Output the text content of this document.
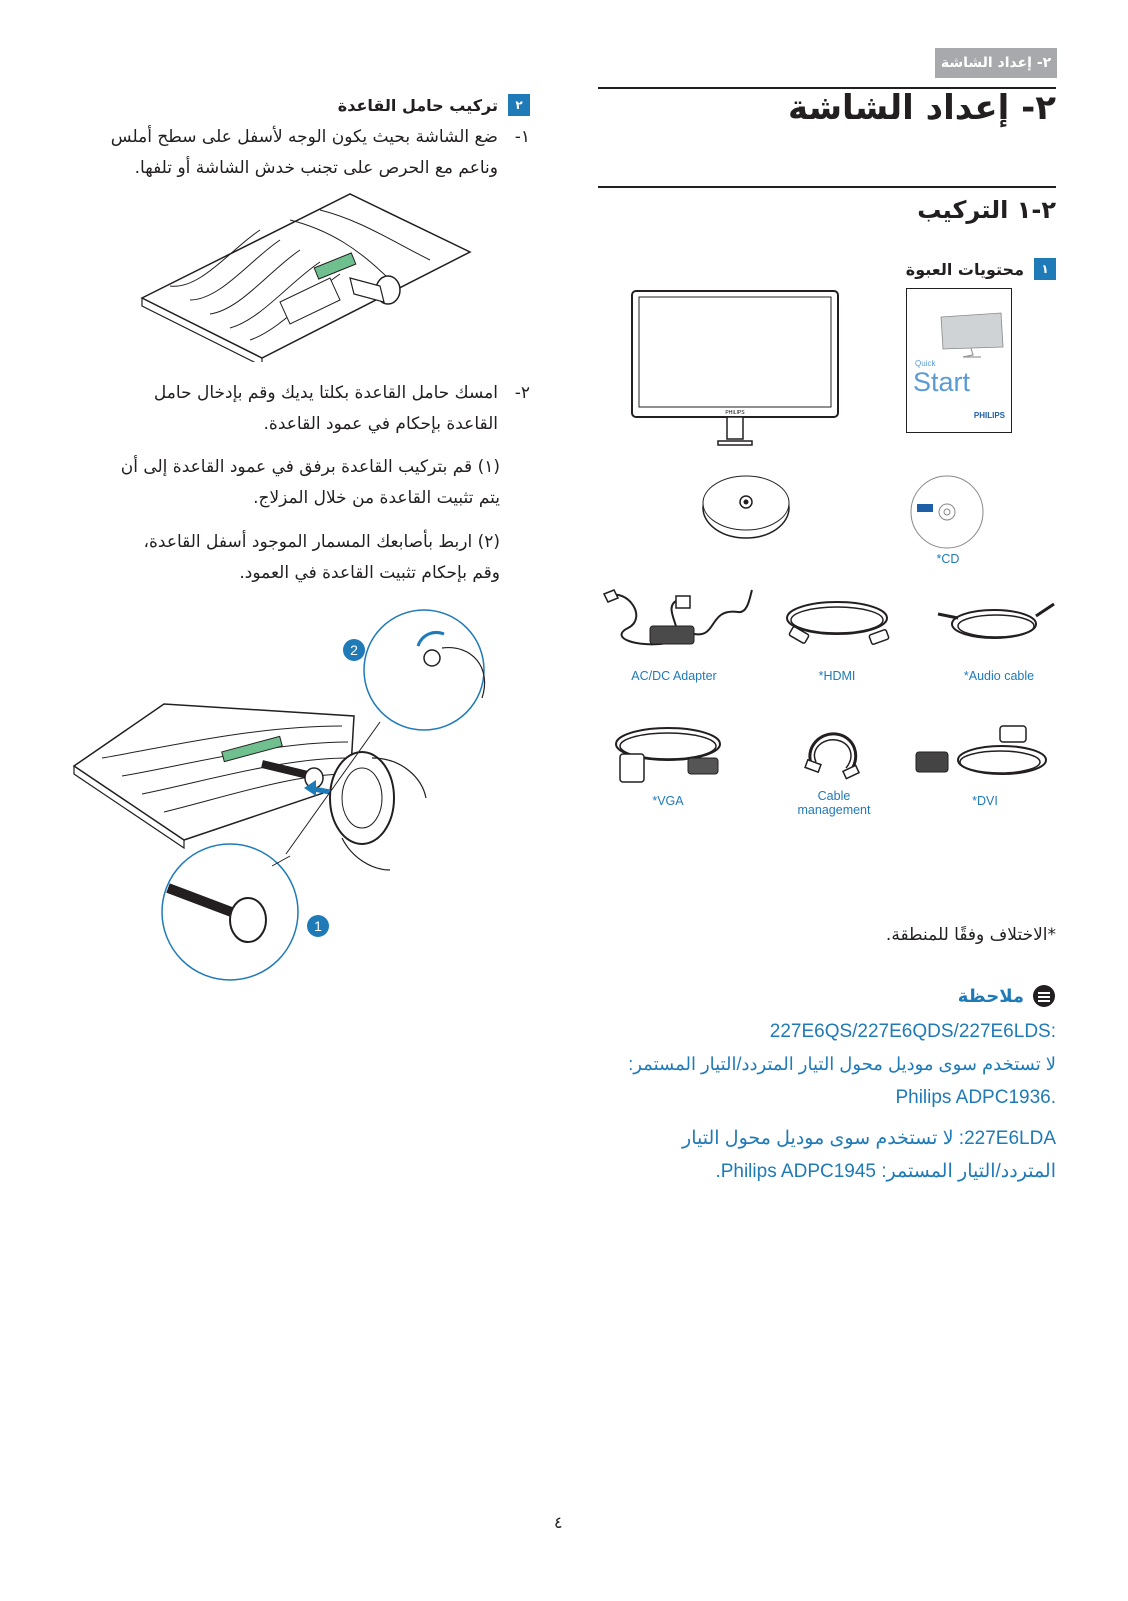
٢- إعداد الشاشة
٢- إعداد الشاشة
٢-١ التركيب
١
محتويات العبوة
PHILIPS
Quick
Start
PHILIPS
*CD
AC/DC Adapter	*HDMI	*Audio cable
*VGA	Cable management
*DVI
*الاختلاف وفقًا للمنطقة.
ملاحظة
:227E6QS/227E6QDS/227E6LDS
لا تستخدم سوى موديل محول التيار المتردد/التيار المستمر:
.Philips ADPC1936
227E6LDA: لا تستخدم سوى موديل محول التيار
المتردد/التيار المستمر: Philips ADPC1945.
٢
تركيب حامل القاعدة
١-
ضع الشاشة بحيث يكون الوجه لأسفل على سطح أملس
وناعم مع الحرص على تجنب خدش الشاشة أو تلفها.
٢-
امسك حامل القاعدة بكلتا يديك وقم بإدخال حامل
القاعدة بإحكام في عمود القاعدة.
(١) قم بتركيب القاعدة برفق في عمود القاعدة إلى أن
يتم تثبيت القاعدة من خلال المزلاج.
(٢) اربط بأصابعك المسمار الموجود أسفل القاعدة،
وقم بإحكام تثبيت القاعدة في العمود.
2
1
٤
